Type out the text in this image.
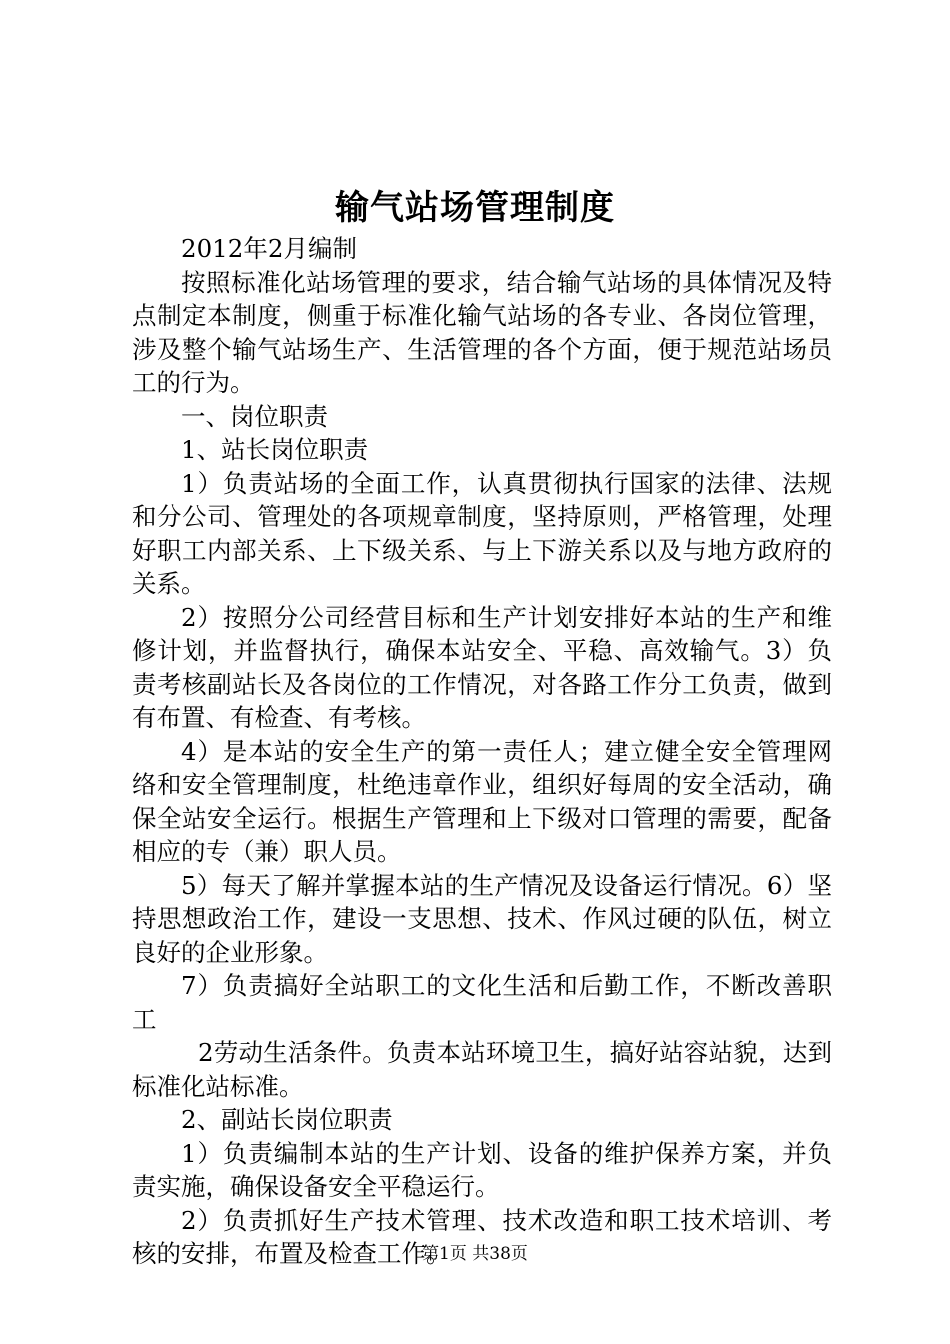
输气站场管理制度

2012年2月编制

按照标准化站场管理的要求，结合输气站场的具体情况及特点制定本制度，侧重于标准化输气站场的各专业、各岗位管理，涉及整个输气站场生产、生活管理的各个方面，便于规范站场员工的行为。

一、岗位职责

1、站长岗位职责

1）负责站场的全面工作，认真贯彻执行国家的法律、法规和分公司、管理处的各项规章制度，坚持原则，严格管理，处理好职工内部关系、上下级关系、与上下游关系以及与地方政府的关系。

2）按照分公司经营目标和生产计划安排好本站的生产和维修计划，并监督执行，确保本站安全、平稳、高效输气。3）负责考核副站长及各岗位的工作情况，对各路工作分工负责，做到有布置、有检查、有考核。

4）是本站的安全生产的第一责任人；建立健全安全管理网络和安全管理制度，杜绝违章作业，组织好每周的安全活动，确保全站安全运行。根据生产管理和上下级对口管理的需要，配备相应的专（兼）职人员。

5）每天了解并掌握本站的生产情况及设备运行情况。6）坚持思想政治工作，建设一支思想、技术、作风过硬的队伍，树立良好的企业形象。

7）负责搞好全站职工的文化生活和后勤工作，不断改善职工

2劳动生活条件。负责本站环境卫生，搞好站容站貌，达到标准化站标准。

2、副站长岗位职责

1）负责编制本站的生产计划、设备的维护保养方案，并负责实施，确保设备安全平稳运行。

2）负责抓好生产技术管理、技术改造和职工技术培训、考核的安排，布置及检查工作。

第1页 共38页
